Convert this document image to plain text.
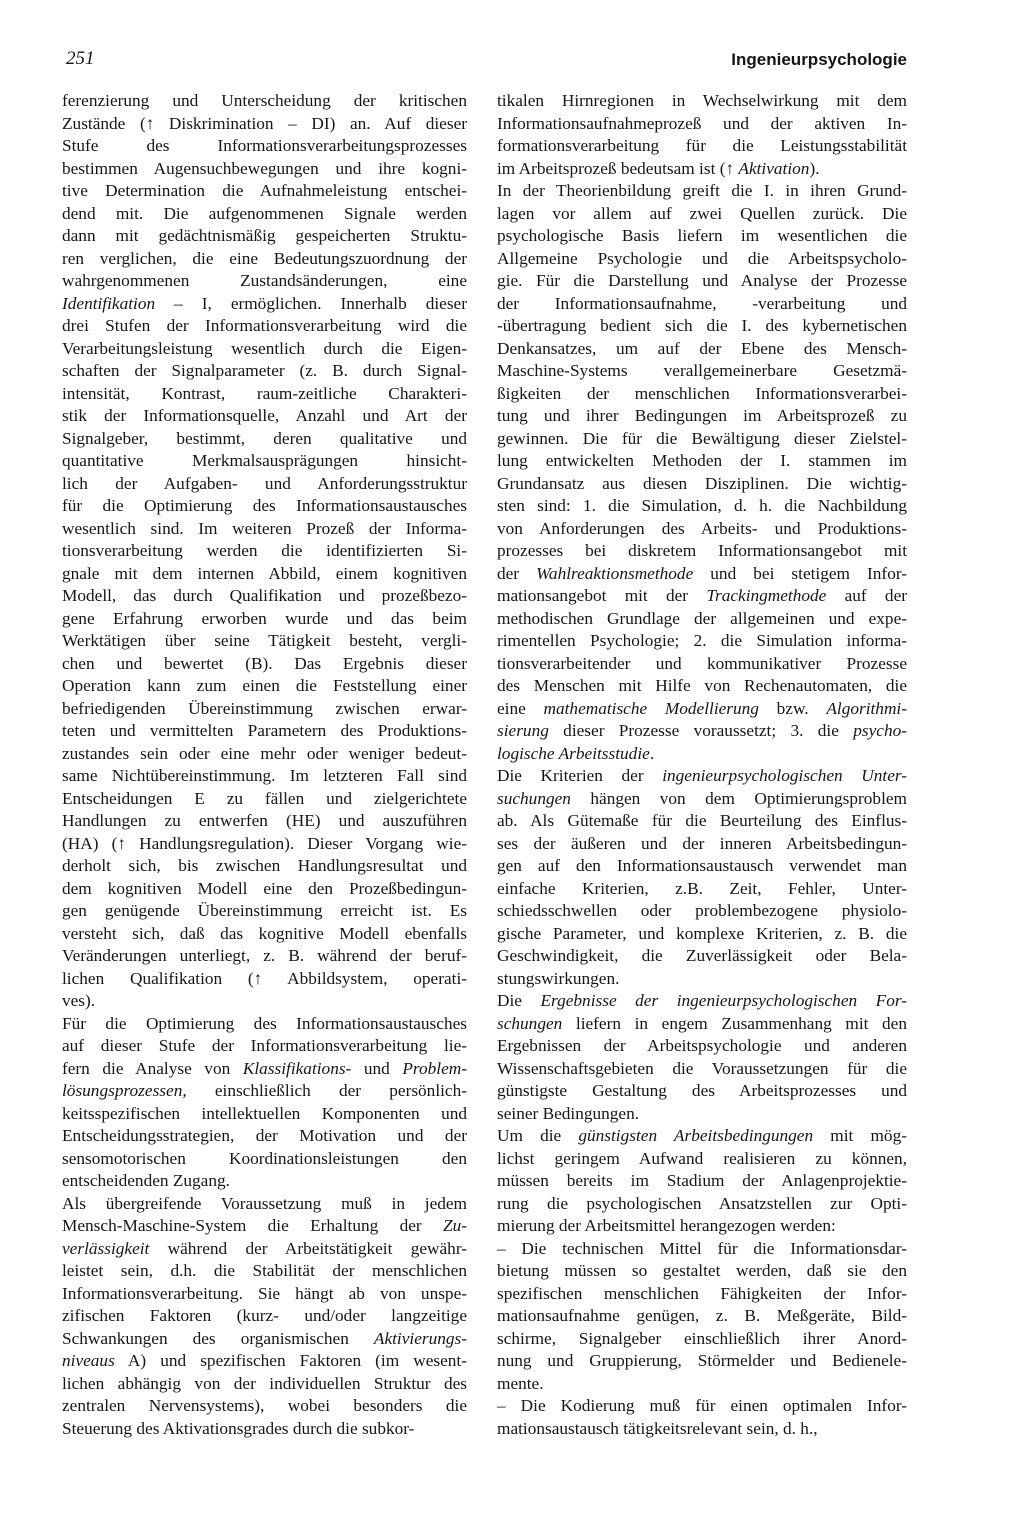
251	Ingenieurpsychologie
ferenzierung und Unterscheidung der kritischen
Zustände (↑ Diskrimination – DI) an. Auf dieser
Stufe des Informationsverarbeitungsprozesses
bestimmen Augensuchbewegungen und ihre kogni-
tive Determination die Aufnahmeleistung entschei-
dend mit. Die aufgenommenen Signale werden
dann mit gedächtnismäßig gespeicherten Struktu-
ren verglichen, die eine Bedeutungszuordnung der
wahrgenommenen Zustandsänderungen, eine
Identifikation – I, ermöglichen. Innerhalb dieser
drei Stufen der Informationsverarbeitung wird die
Verarbeitungsleistung wesentlich durch die Eigen-
schaften der Signalparameter (z. B. durch Signal-
intensität, Kontrast, raum-zeitliche Charakteri-
stik der Informationsquelle, Anzahl und Art der
Signalgeber, bestimmt, deren qualitative und
quantitative Merkmalsausprägungen hinsicht-
lich der Aufgaben- und Anforderungsstruktur
für die Optimierung des Informationsaustausches
wesentlich sind. Im weiteren Prozeß der Informa-
tionsverarbeitung werden die identifizierten Si-
gnale mit dem internen Abbild, einem kognitiven
Modell, das durch Qualifikation und prozeßbezo-
gene Erfahrung erworben wurde und das beim
Werktätigen über seine Tätigkeit besteht, vergli-
chen und bewertet (B). Das Ergebnis dieser
Operation kann zum einen die Feststellung einer
befriedigenden Übereinstimmung zwischen erwar-
teten und vermittelten Parametern des Produktions-
zustandes sein oder eine mehr oder weniger bedeut-
same Nichtübereinstimmung. Im letzteren Fall sind
Entscheidungen E zu fällen und zielgerichtete
Handlungen zu entwerfen (HE) und auszuführen
(HA) (↑ Handlungsregulation). Dieser Vorgang wie-
derholt sich, bis zwischen Handlungsresultat und
dem kognitiven Modell eine den Prozeßbedingun-
gen genügende Übereinstimmung erreicht ist. Es
versteht sich, daß das kognitive Modell ebenfalls
Veränderungen unterliegt, z. B. während der beruf-
lichen Qualifikation (↑ Abbildsystem, operati-
ves).
Für die Optimierung des Informationsaustausches
auf dieser Stufe der Informationsverarbeitung lie-
fern die Analyse von Klassifikations- und Problem-
lösungsprozessen, einschließlich der persönlich-
keitsspezifischen intellektuellen Komponenten und
Entscheidungsstrategien, der Motivation und der
sensomotorischen Koordinationsleistungen den
entscheidenden Zugang.
Als übergreifende Voraussetzung muß in jedem
Mensch-Maschine-System die Erhaltung der Zu-
verlässigkeit während der Arbeitstätigkeit gewähr-
leistet sein, d.h. die Stabilität der menschlichen
Informationsverarbeitung. Sie hängt ab von unspe-
zifischen Faktoren (kurz- und/oder langzeitige
Schwankungen des organismischen Aktivierungs-
niveaus A) und spezifischen Faktoren (im wesent-
lichen abhängig von der individuellen Struktur des
zentralen Nervensystems), wobei besonders die
Steuerung des Aktivationsgrades durch die subkor-
tikalen Hirnregionen in Wechselwirkung mit dem
Informationsaufnahmeprozeß und der aktiven In-
formationsverarbeitung für die Leistungsstabilität
im Arbeitsprozeß bedeutsam ist (↑ Aktivation).
In der Theorienbildung greift die I. in ihren Grund-
lagen vor allem auf zwei Quellen zurück. Die
psychologische Basis liefern im wesentlichen die
Allgemeine Psychologie und die Arbeitspsycholo-
gie. Für die Darstellung und Analyse der Prozesse
der Informationsaufnahme, -verarbeitung und
-übertragung bedient sich die I. des kybernetischen
Denkansatzes, um auf der Ebene des Mensch-
Maschine-Systems verallgemeinerbare Gesetzmä-
ßigkeiten der menschlichen Informationsverarbei-
tung und ihrer Bedingungen im Arbeitsprozeß zu
gewinnen. Die für die Bewältigung dieser Zielstel-
lung entwickelten Methoden der I. stammen im
Grundansatz aus diesen Disziplinen. Die wichtig-
sten sind: 1. die Simulation, d. h. die Nachbildung
von Anforderungen des Arbeits- und Produktions-
prozesses bei diskretem Informationsangebot mit
der Wahlreaktionsmethode und bei stetigem Infor-
mationsangebot mit der Trackingmethode auf der
methodischen Grundlage der allgemeinen und expe-
rimentellen Psychologie; 2. die Simulation informa-
tionsverarbeitender und kommunikativer Prozesse
des Menschen mit Hilfe von Rechenautomaten, die
eine mathematische Modellierung bzw. Algorithmi-
sierung dieser Prozesse voraussetzt; 3. die psycho-
logische Arbeitsstudie.
Die Kriterien der ingenieurpsychologischen Unter-
suchungen hängen von dem Optimierungsproblem
ab. Als Gütemaße für die Beurteilung des Einflus-
ses der äußeren und der inneren Arbeitsbedingun-
gen auf den Informationsaustausch verwendet man
einfache Kriterien, z.B. Zeit, Fehler, Unter-
schiedsschwellen oder problembezogene physiolo-
gische Parameter, und komplexe Kriterien, z. B. die
Geschwindigkeit, die Zuverlässigkeit oder Bela-
stungswirkungen.
Die Ergebnisse der ingenieurpsychologischen For-
schungen liefern in engem Zusammenhang mit den
Ergebnissen der Arbeitspsychologie und anderen
Wissenschaftsgebieten die Voraussetzungen für die
günstigste Gestaltung des Arbeitsprozesses und
seiner Bedingungen.
Um die günstigsten Arbeitsbedingungen mit mög-
lichst geringem Aufwand realisieren zu können,
müssen bereits im Stadium der Anlagenprojektie-
rung die psychologischen Ansatzstellen zur Opti-
mierung der Arbeitsmittel herangezogen werden:
– Die technischen Mittel für die Informationsdar-
bietung müssen so gestaltet werden, daß sie den
spezifischen menschlichen Fähigkeiten der Infor-
mationsaufnahme genügen, z. B. Meßgeräte, Bild-
schirme, Signalgeber einschließlich ihrer Anord-
nung und Gruppierung, Störmelder und Bedienele-
mente.
– Die Kodierung muß für einen optimalen Infor-
mationsaustausch tätigkeitsrelevant sein, d. h.,
